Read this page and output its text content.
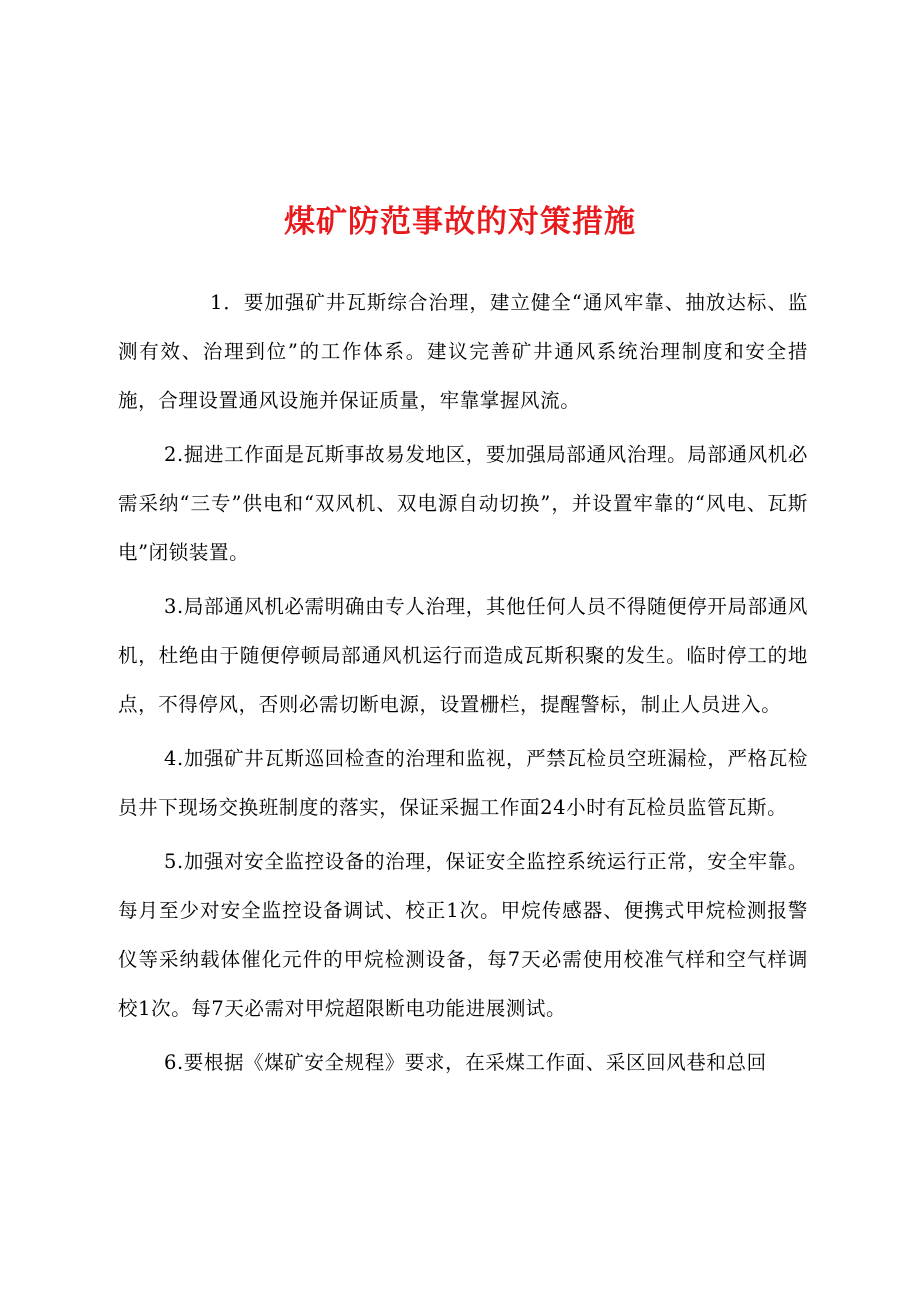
煤矿防范事故的对策措施

1．要加强矿井瓦斯综合治理，建立健全“通风牢靠、抽放达标、监测有效、治理到位”的工作体系。建议完善矿井通风系统治理制度和安全措施，合理设置通风设施并保证质量，牢靠掌握风流。

2.掘进工作面是瓦斯事故易发地区，要加强局部通风治理。局部通风机必需采纳“三专”供电和“双风机、双电源自动切换”，并设置牢靠的“风电、瓦斯电”闭锁装置。

3.局部通风机必需明确由专人治理，其他任何人员不得随便停开局部通风机，杜绝由于随便停顿局部通风机运行而造成瓦斯积聚的发生。临时停工的地点，不得停风，否则必需切断电源，设置栅栏，提醒警标，制止人员进入。

4.加强矿井瓦斯巡回检查的治理和监视，严禁瓦检员空班漏检，严格瓦检员井下现场交换班制度的落实，保证采掘工作面24小时有瓦检员监管瓦斯。

5.加强对安全监控设备的治理，保证安全监控系统运行正常，安全牢靠。每月至少对安全监控设备调试、校正1次。甲烷传感器、便携式甲烷检测报警仪等采纳载体催化元件的甲烷检测设备，每7天必需使用校准气样和空气样调校1次。每7天必需对甲烷超限断电功能进展测试。

6.要根据《煤矿安全规程》要求，在采煤工作面、采区回风巷和总回
